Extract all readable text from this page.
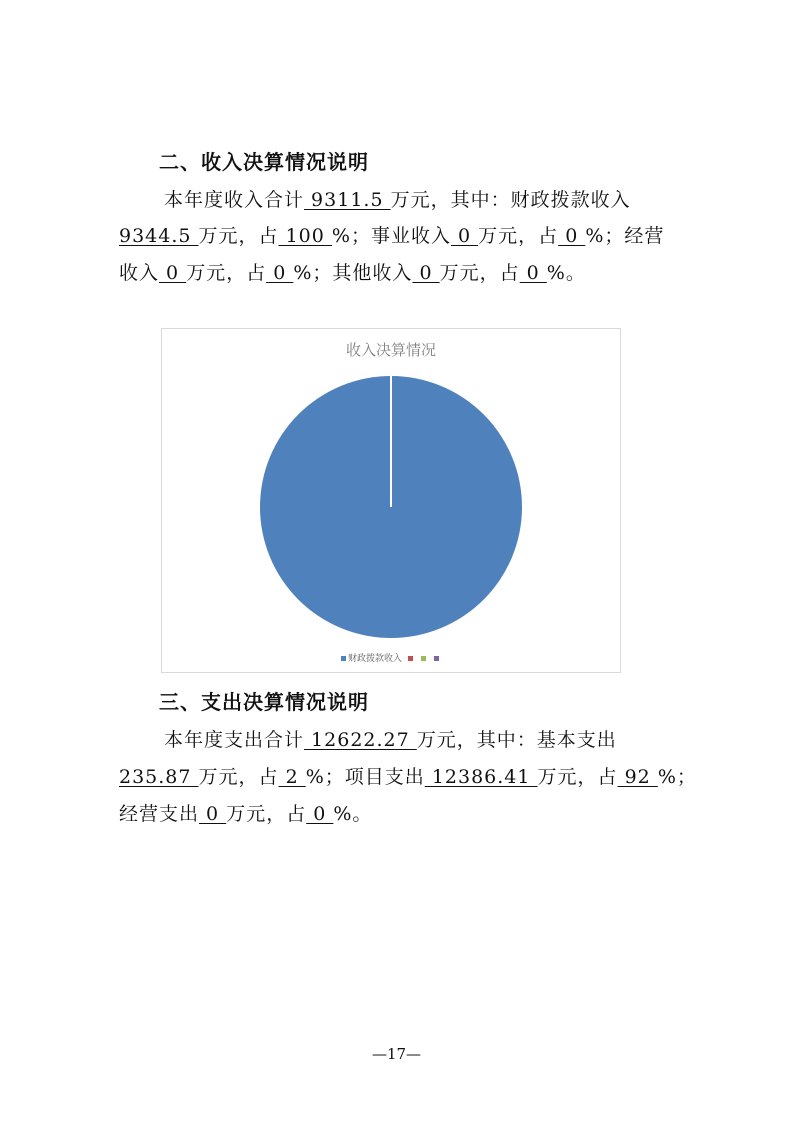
二、收入决算情况说明
本年度收入合计 9311.5 万元，其中：财政拨款收入
9344.5 万元，占 100 %；事业收入 0 万元，占 0 %；经营
收入 0 万元，占 0 %；其他收入 0 万元，占 0 %。
收入决算情况
财政拨款收入
三、支出决算情况说明
本年度支出合计 12622.27 万元，其中：基本支出
235.87 万元，占 2 %；项目支出 12386.41 万元，占 92 %；
经营支出 0 万元，占 0 %。
—17—
